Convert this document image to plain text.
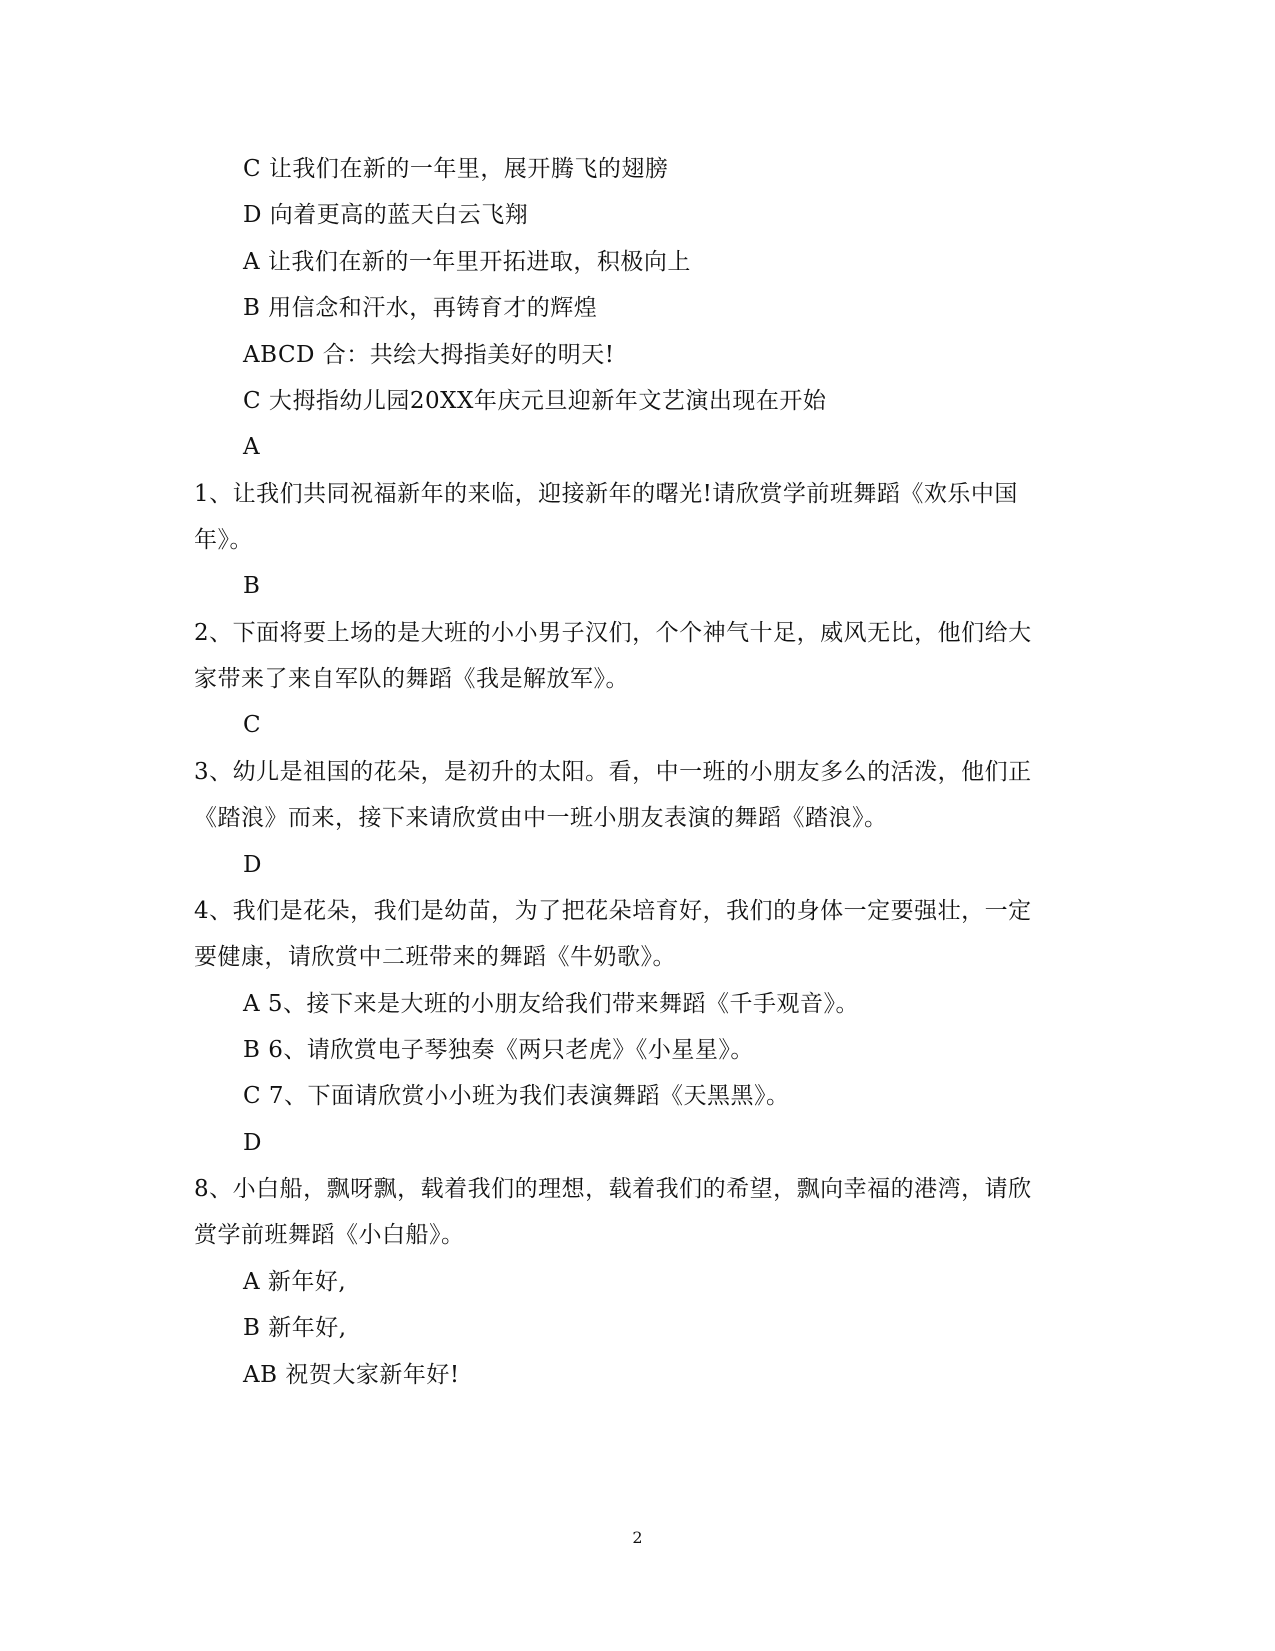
C 让我们在新的一年里，展开腾飞的翅膀
D 向着更高的蓝天白云飞翔
A 让我们在新的一年里开拓进取，积极向上
B 用信念和汗水，再铸育才的辉煌
ABCD 合：共绘大拇指美好的明天!
C 大拇指幼儿园20XX年庆元旦迎新年文艺演出现在开始
A
1、让我们共同祝福新年的来临，迎接新年的曙光!请欣赏学前班舞蹈《欢乐中国
年》。
B
2、下面将要上场的是大班的小小男子汉们，个个神气十足，威风无比，他们给大
家带来了来自军队的舞蹈《我是解放军》。
C
3、幼儿是祖国的花朵，是初升的太阳。看，中一班的小朋友多么的活泼，他们正
《踏浪》而来，接下来请欣赏由中一班小朋友表演的舞蹈《踏浪》。
D
4、我们是花朵，我们是幼苗，为了把花朵培育好，我们的身体一定要强壮，一定
要健康，请欣赏中二班带来的舞蹈《牛奶歌》。
A 5、接下来是大班的小朋友给我们带来舞蹈《千手观音》。
B 6、请欣赏电子琴独奏《两只老虎》《小星星》。
C 7、下面请欣赏小小班为我们表演舞蹈《天黑黑》。
D
8、小白船，飘呀飘，载着我们的理想，载着我们的希望，飘向幸福的港湾，请欣
赏学前班舞蹈《小白船》。
A 新年好,
B 新年好,
AB 祝贺大家新年好!
2
